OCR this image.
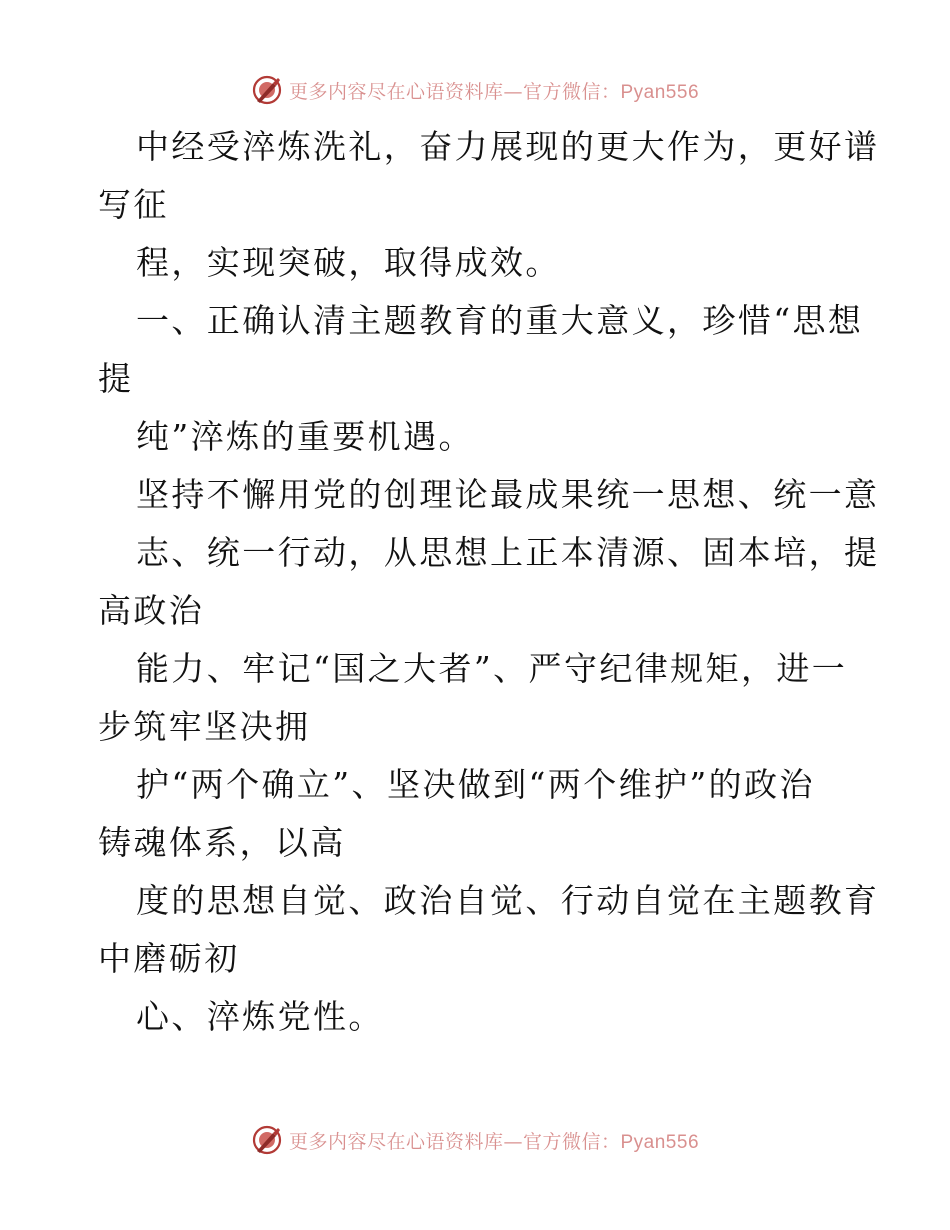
更多内容尽在心语资料库—官方微信：Pyan556
中经受淬炼洗礼，奋力展现的更大作为，更好谱
写征
程，实现突破，取得成效。
一、正确认清主题教育的重大意义，珍惜“思想
提
纯”淬炼的重要机遇。
坚持不懈用党的创理论最成果统一思想、统一意
志、统一行动，从思想上正本清源、固本培，提
高政治
能力、牢记“国之大者”、严守纪律规矩，进一
步筑牢坚决拥
护“两个确立”、坚决做到“两个维护”的政治
铸魂体系，以高
度的思想自觉、政治自觉、行动自觉在主题教育
中磨砺初
心、淬炼党性。
更多内容尽在心语资料库—官方微信：Pyan556
